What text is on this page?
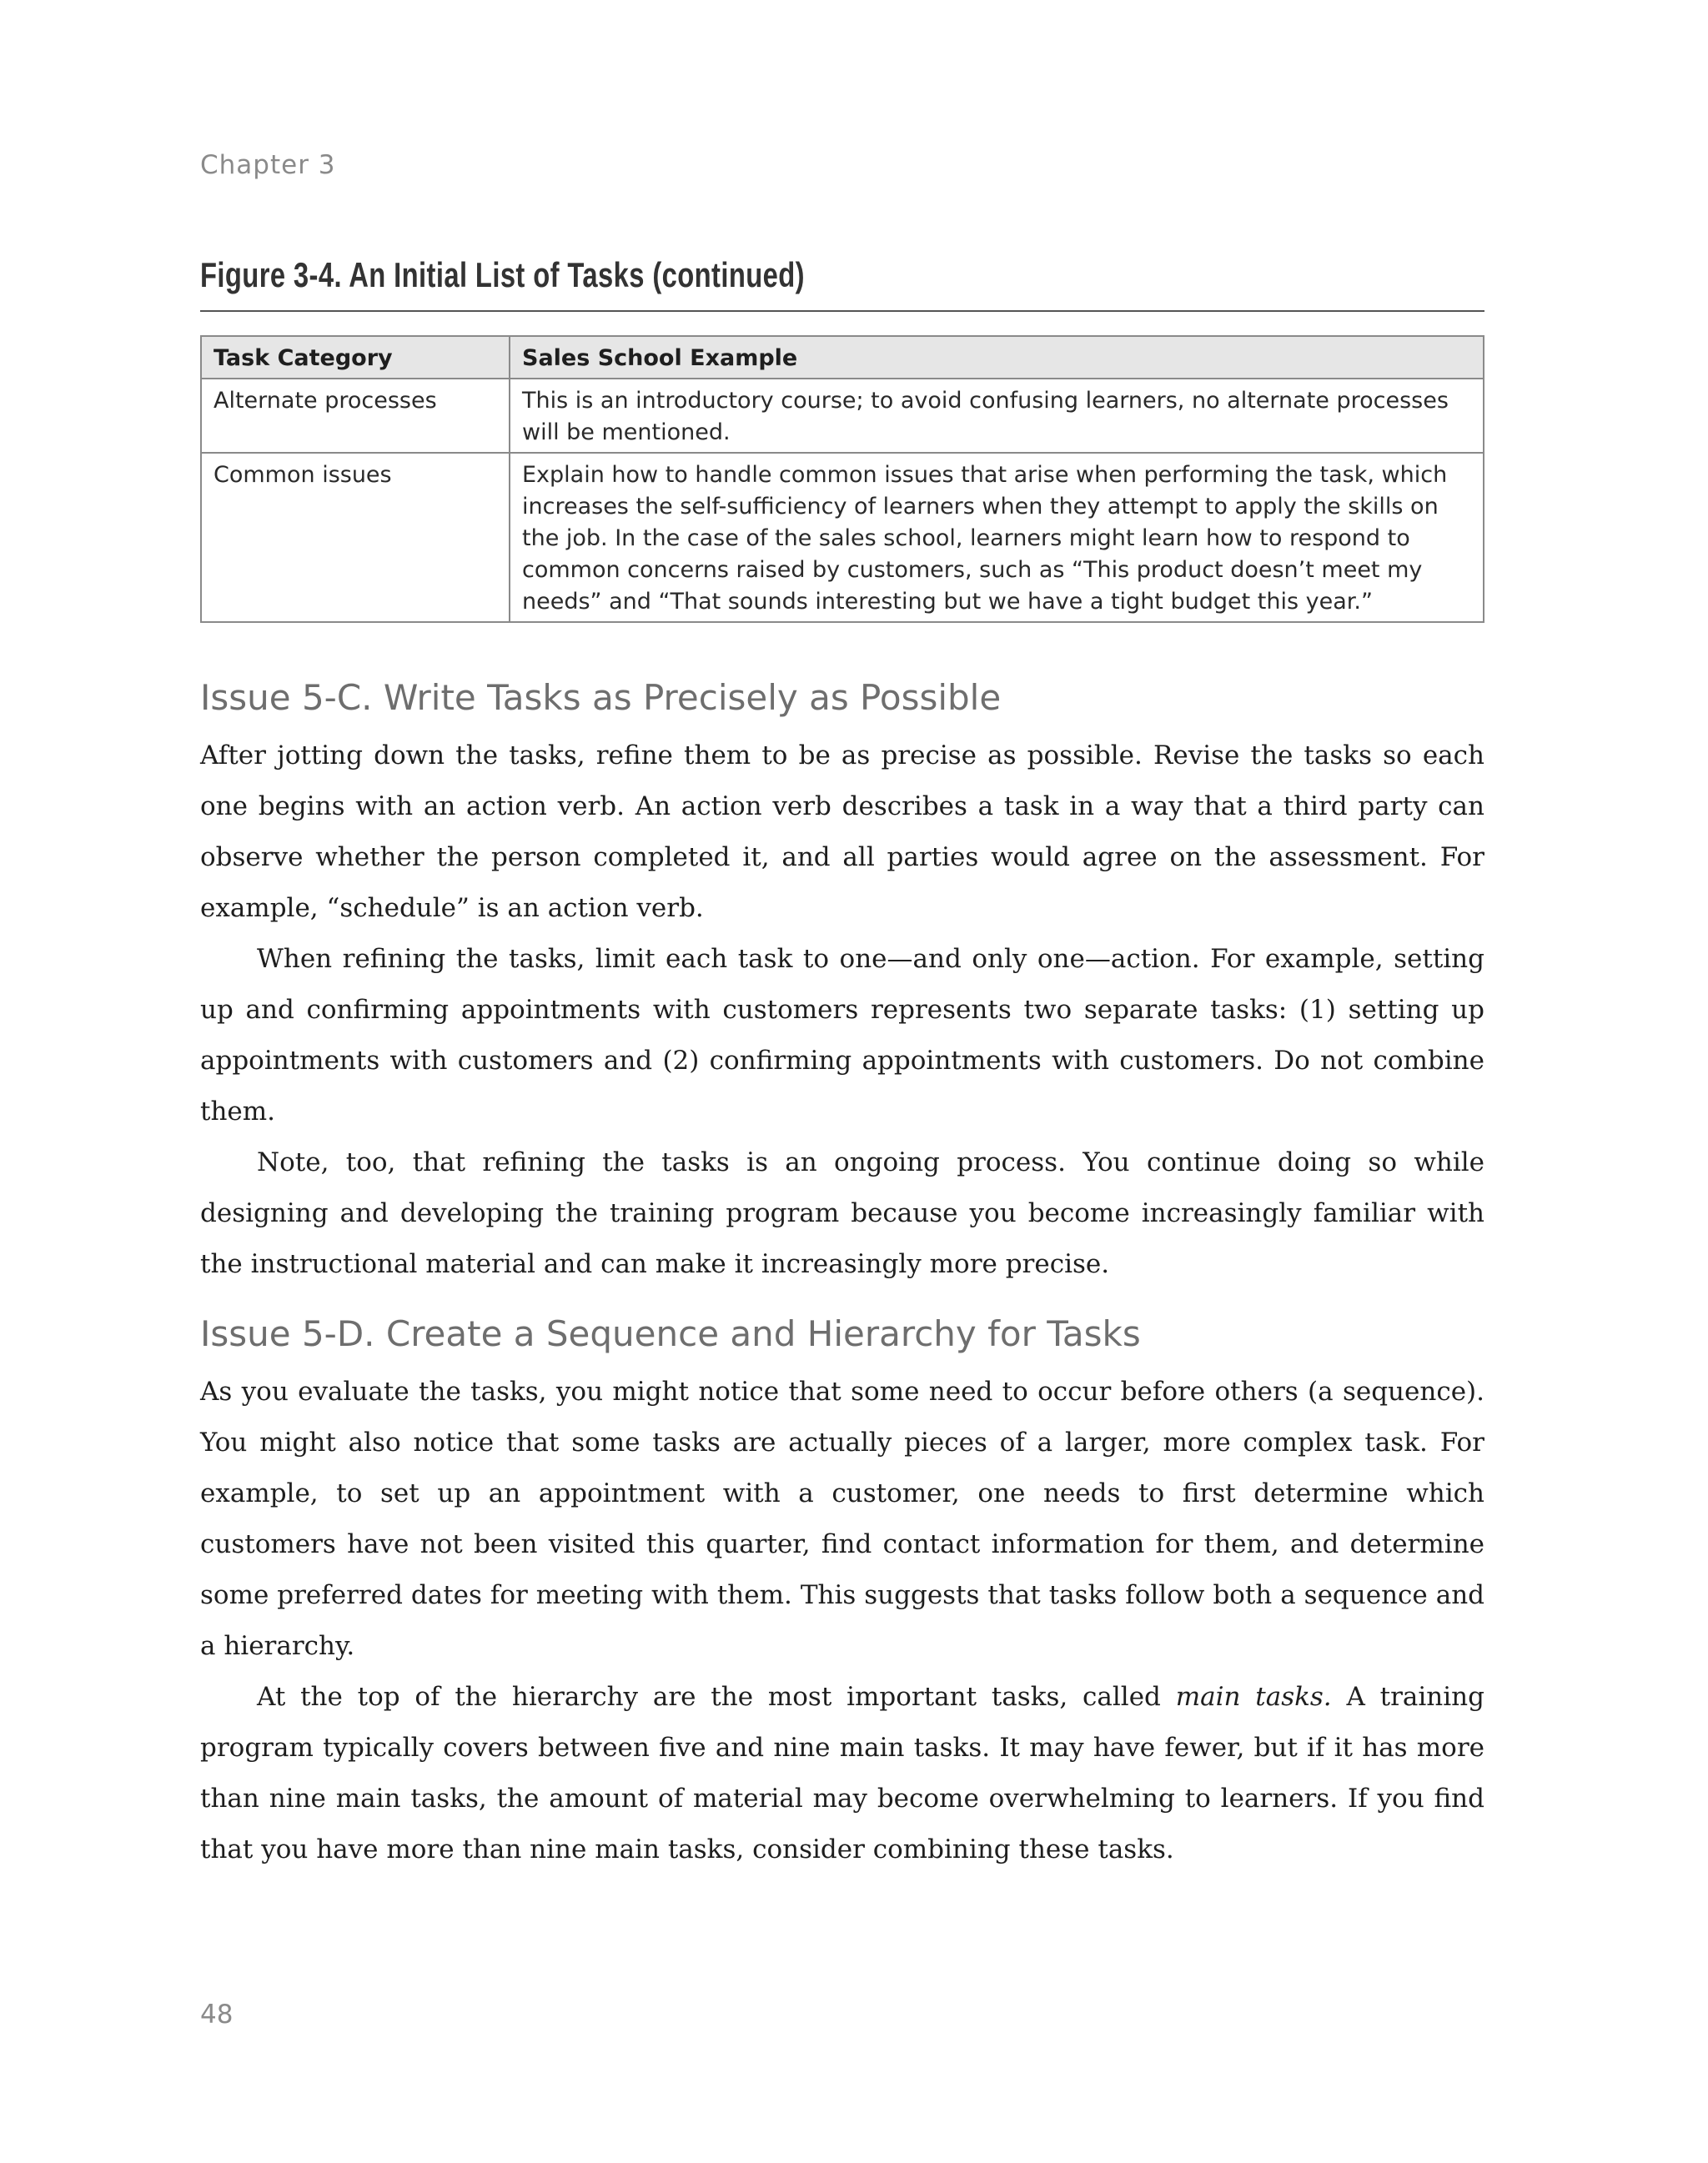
Chapter 3
Figure 3-4. An Initial List of Tasks (continued)
Task Category	Sales School Example
Alternate processes	This is an introductory course; to avoid confusing learners, no alternate processes will be mentioned.
Common issues	Explain how to handle common issues that arise when performing the task, which increases the self-sufficiency of learners when they attempt to apply the skills on the job. In the case of the sales school, learners might learn how to respond to common concerns raised by customers, such as “This product doesn’t meet my needs” and “That sounds interesting but we have a tight budget this year.”
Issue 5-C. Write Tasks as Precisely as Possible

After jotting down the tasks, refine them to be as precise as possible. Revise the tasks so each one begins with an action verb. An action verb describes a task in a way that a third party can observe whether the person completed it, and all parties would agree on the assessment. For example, “schedule” is an action verb.

When refining the tasks, limit each task to one—and only one—action. For example, setting up and confirming appointments with customers represents two separate tasks: (1) setting up appointments with customers and (2) confirming appointments with customers. Do not combine them.

Note, too, that refining the tasks is an ongoing process. You continue doing so while designing and developing the training program because you become increasingly familiar with the instructional material and can make it increasingly more precise.

Issue 5-D. Create a Sequence and Hierarchy for Tasks

As you evaluate the tasks, you might notice that some need to occur before others (a sequence). You might also notice that some tasks are actually pieces of a larger, more complex task. For example, to set up an appointment with a customer, one needs to first determine which customers have not been visited this quarter, find contact information for them, and determine some preferred dates for meeting with them. This suggests that tasks follow both a sequence and a hierarchy.

At the top of the hierarchy are the most important tasks, called main tasks. A training program typically covers between five and nine main tasks. It may have fewer, but if it has more than nine main tasks, the amount of material may become overwhelming to learners. If you find that you have more than nine main tasks, consider combining these tasks.

48
